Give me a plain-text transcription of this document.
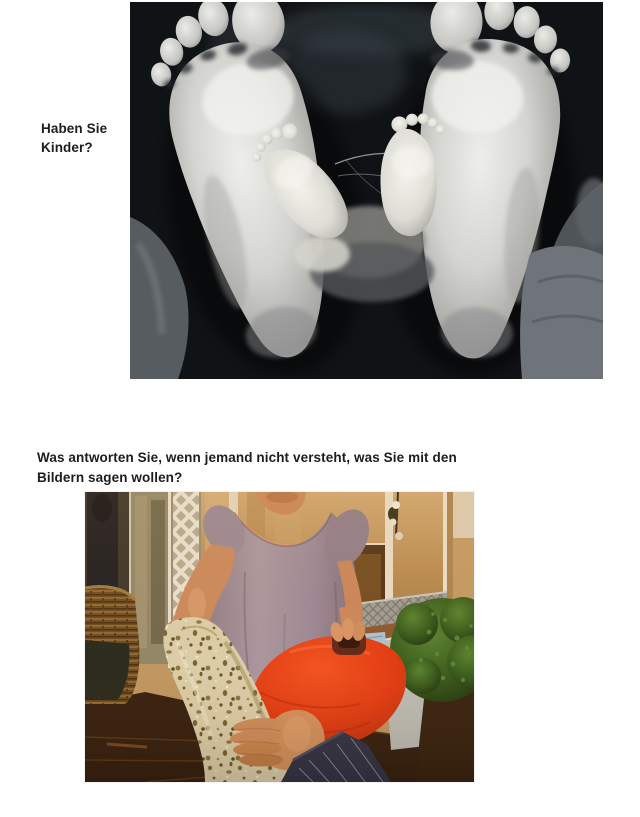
Haben Sie
Kinder?
Was antworten Sie, wenn jemand nicht versteht, was Sie mit den
Bildern sagen wollen?
